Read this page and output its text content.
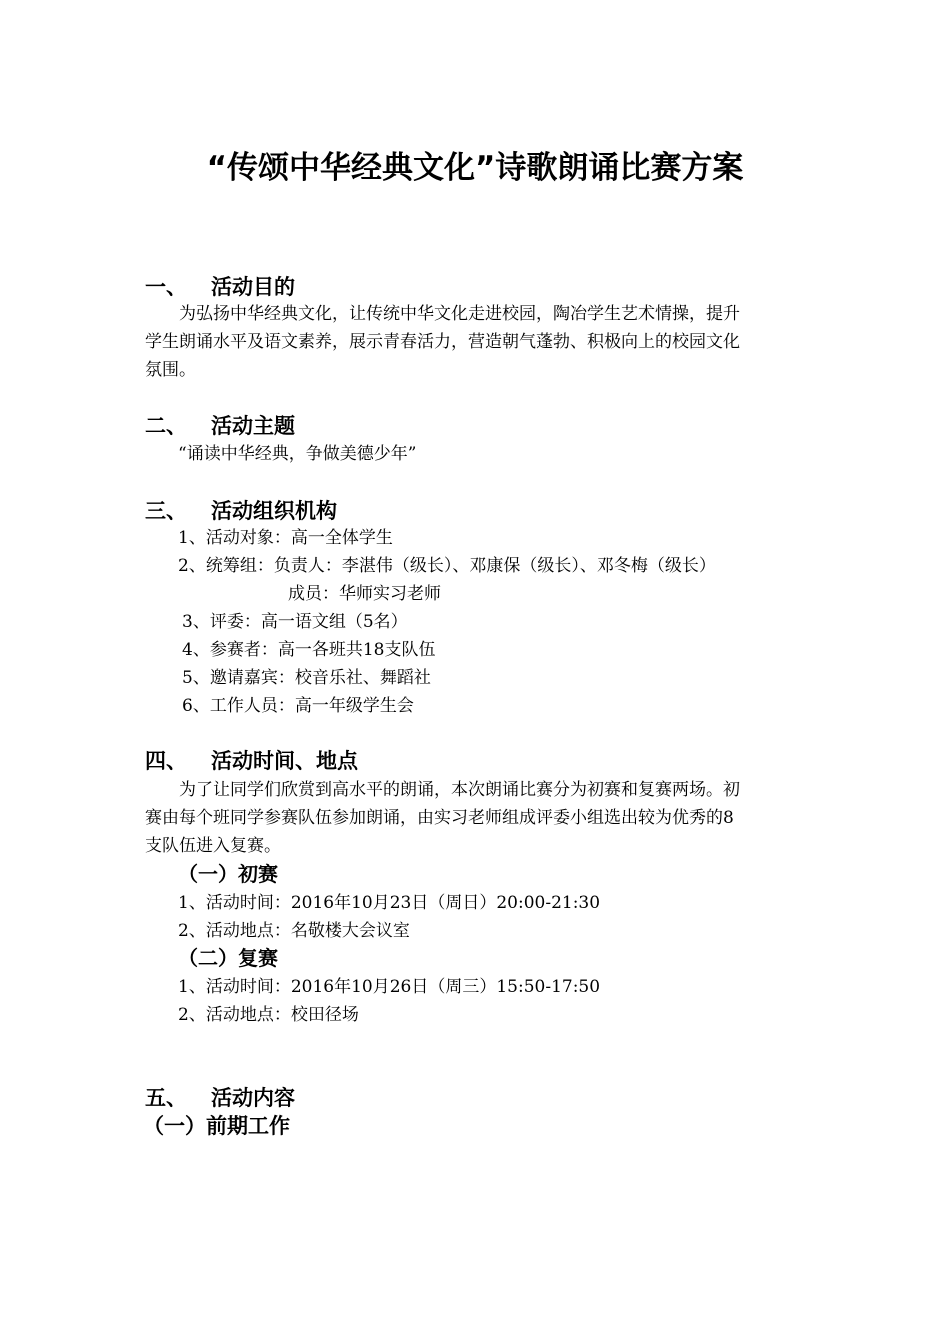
“传颂中华经典文化”诗歌朗诵比赛方案
一、 活动目的
为弘扬中华经典文化，让传统中华文化走进校园，陶冶学生艺术情操，提升
学生朗诵水平及语文素养，展示青春活力，营造朝气蓬勃、积极向上的校园文化
氛围。
二、 活动主题
“诵读中华经典，争做美德少年”
三、 活动组织机构
1、活动对象：高一全体学生
2、统筹组：负责人：李湛伟（级长）、邓康保（级长）、邓冬梅（级长）
成员：华师实习老师
3、评委：高一语文组（5名）
4、参赛者：高一各班共18支队伍
5、邀请嘉宾：校音乐社、舞蹈社
6、工作人员：高一年级学生会
四、 活动时间、地点
为了让同学们欣赏到高水平的朗诵，本次朗诵比赛分为初赛和复赛两场。初
赛由每个班同学参赛队伍参加朗诵，由实习老师组成评委小组选出较为优秀的8
支队伍进入复赛。
（一）初赛
1、活动时间：2016年10月23日（周日）20:00-21:30
2、活动地点：名敬楼大会议室
（二）复赛
1、活动时间：2016年10月26日（周三）15:50-17:50
2、活动地点：校田径场
五、 活动内容
（一）前期工作
